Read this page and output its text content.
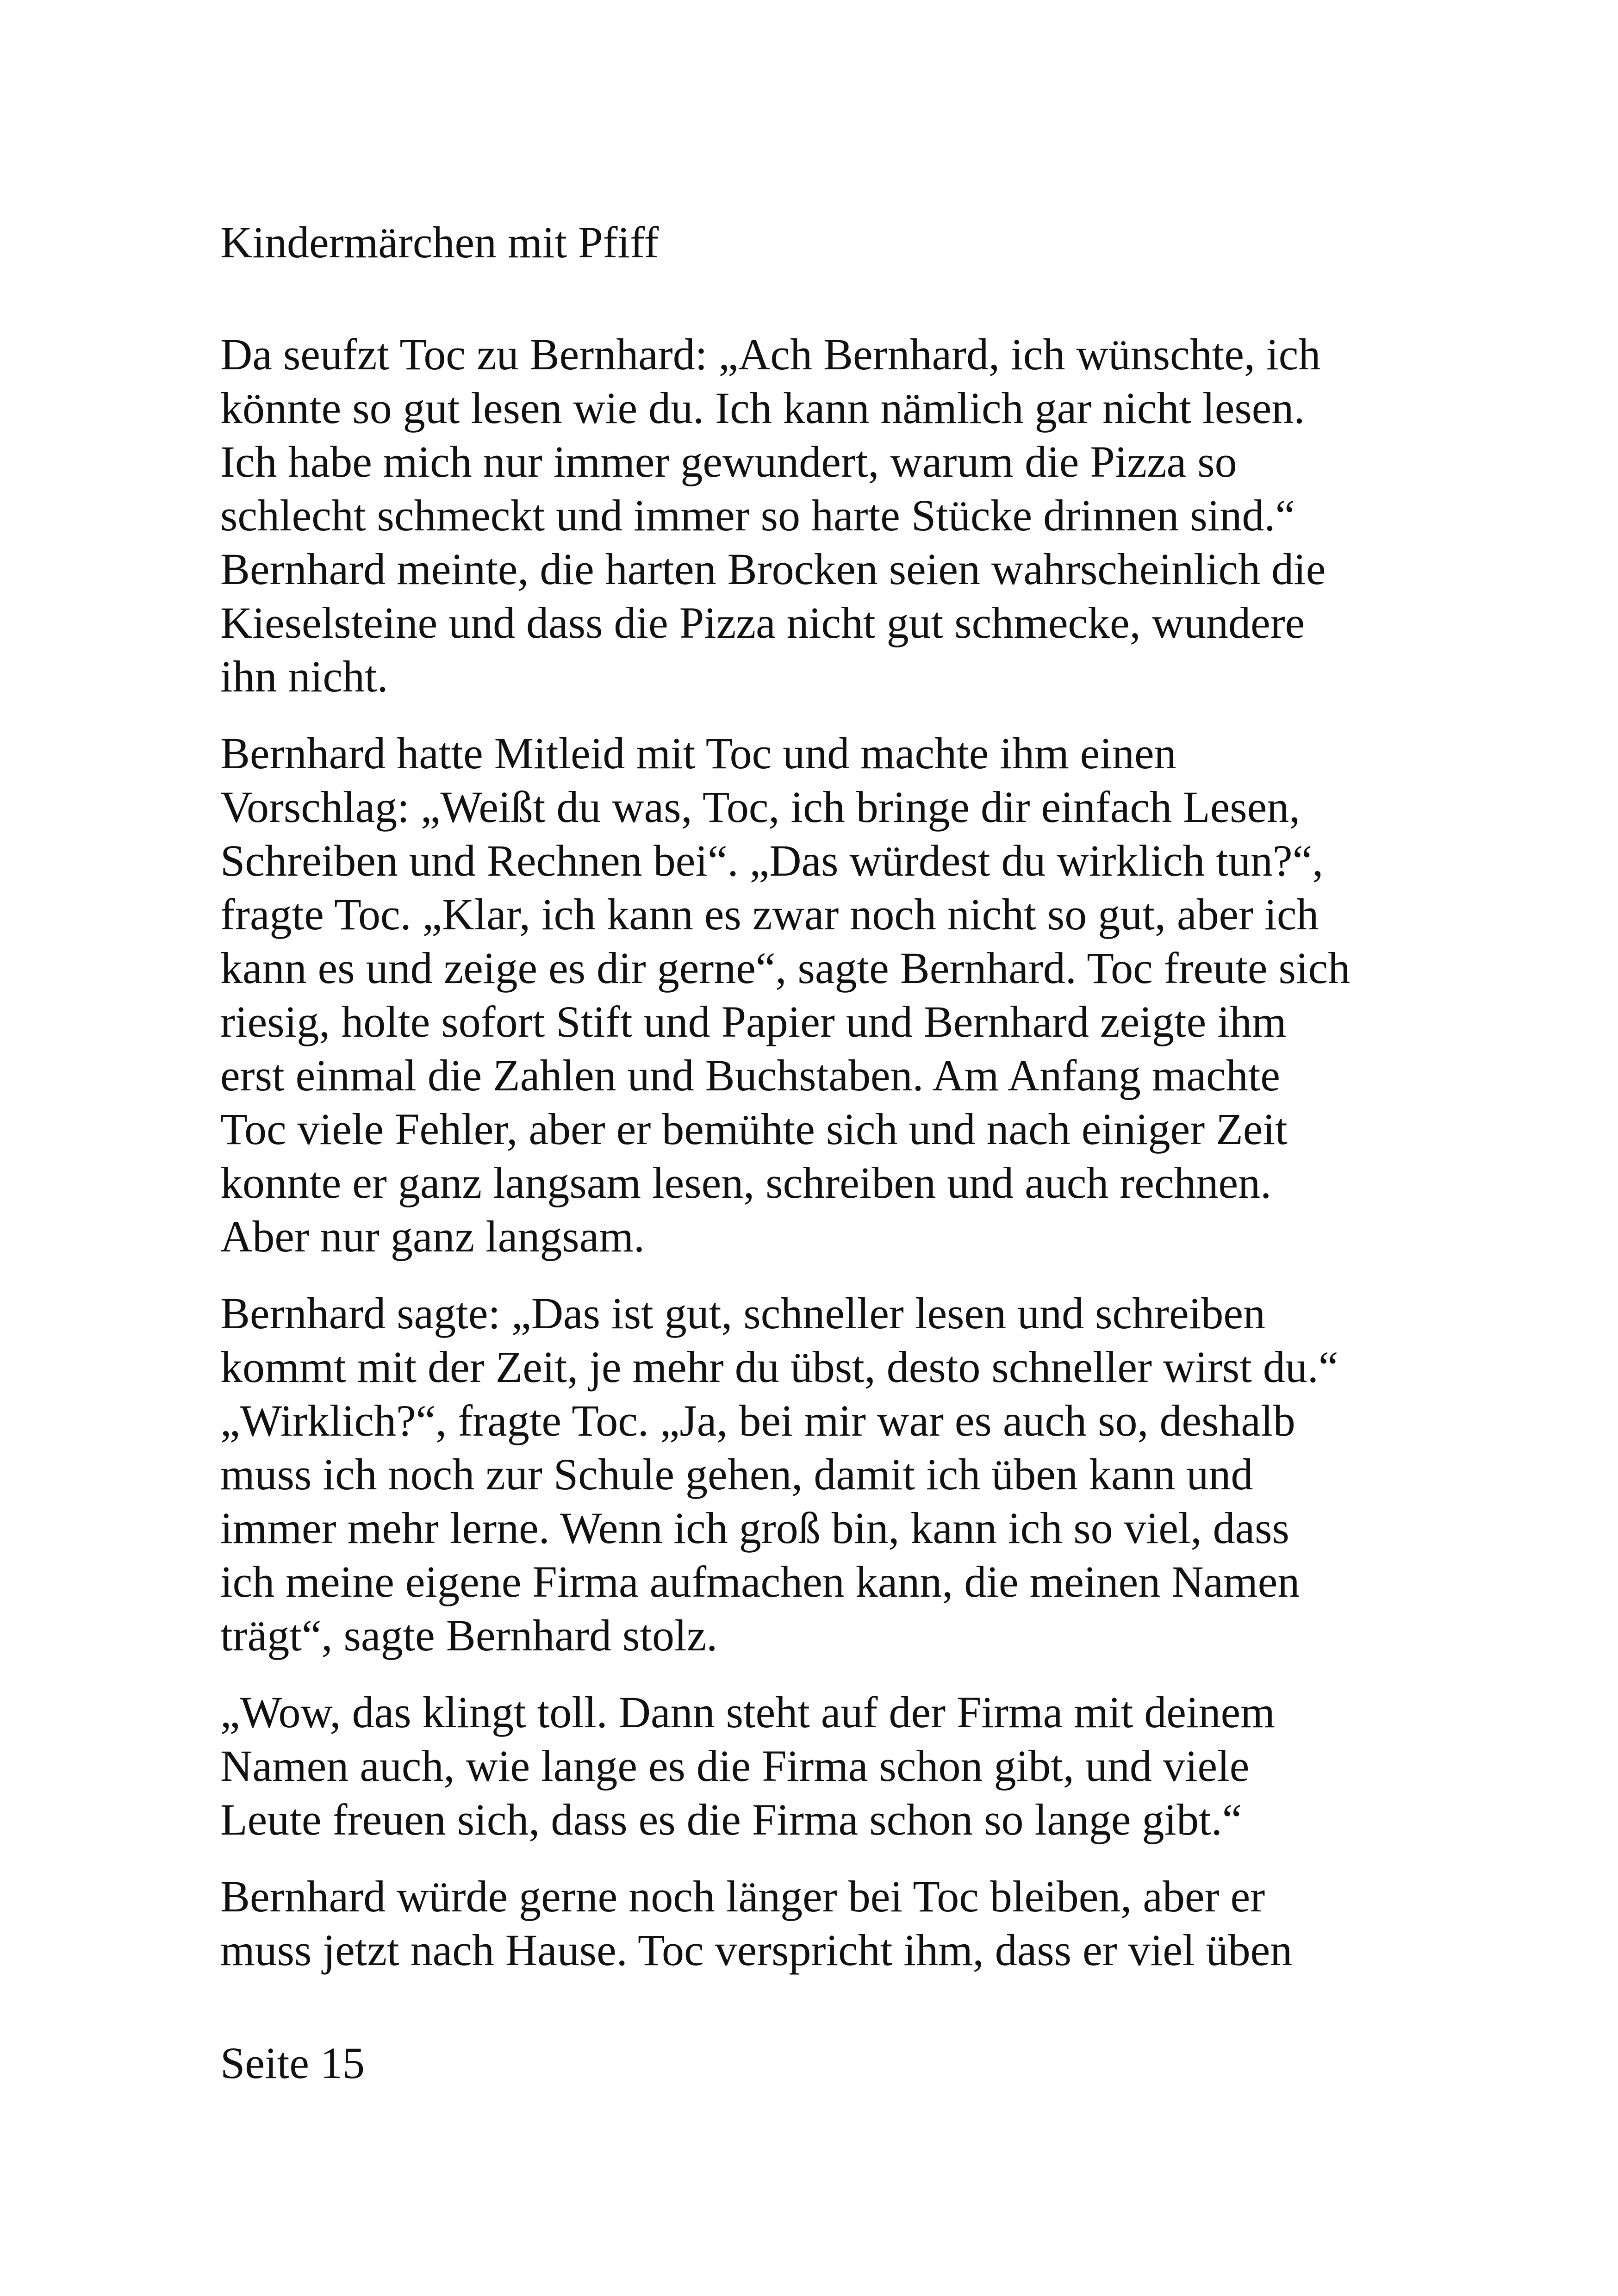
Kindermärchen mit Pfiff

Da seufzt Toc zu Bernhard: „Ach Bernhard, ich wünschte, ich
könnte so gut lesen wie du. Ich kann nämlich gar nicht lesen.
Ich habe mich nur immer gewundert, warum die Pizza so
schlecht schmeckt und immer so harte Stücke drinnen sind.“
Bernhard meinte, die harten Brocken seien wahrscheinlich die
Kieselsteine und dass die Pizza nicht gut schmecke, wundere
ihn nicht.

Bernhard hatte Mitleid mit Toc und machte ihm einen
Vorschlag: „Weißt du was, Toc, ich bringe dir einfach Lesen,
Schreiben und Rechnen bei“. „Das würdest du wirklich tun?“,
fragte Toc. „Klar, ich kann es zwar noch nicht so gut, aber ich
kann es und zeige es dir gerne“, sagte Bernhard. Toc freute sich
riesig, holte sofort Stift und Papier und Bernhard zeigte ihm
erst einmal die Zahlen und Buchstaben. Am Anfang machte
Toc viele Fehler, aber er bemühte sich und nach einiger Zeit
konnte er ganz langsam lesen, schreiben und auch rechnen.
Aber nur ganz langsam.

Bernhard sagte: „Das ist gut, schneller lesen und schreiben
kommt mit der Zeit, je mehr du übst, desto schneller wirst du.“
„Wirklich?“, fragte Toc. „Ja, bei mir war es auch so, deshalb
muss ich noch zur Schule gehen, damit ich üben kann und
immer mehr lerne. Wenn ich groß bin, kann ich so viel, dass
ich meine eigene Firma aufmachen kann, die meinen Namen
trägt“, sagte Bernhard stolz.

„Wow, das klingt toll. Dann steht auf der Firma mit deinem
Namen auch, wie lange es die Firma schon gibt, und viele
Leute freuen sich, dass es die Firma schon so lange gibt.“

Bernhard würde gerne noch länger bei Toc bleiben, aber er
muss jetzt nach Hause. Toc verspricht ihm, dass er viel üben

Seite 15
